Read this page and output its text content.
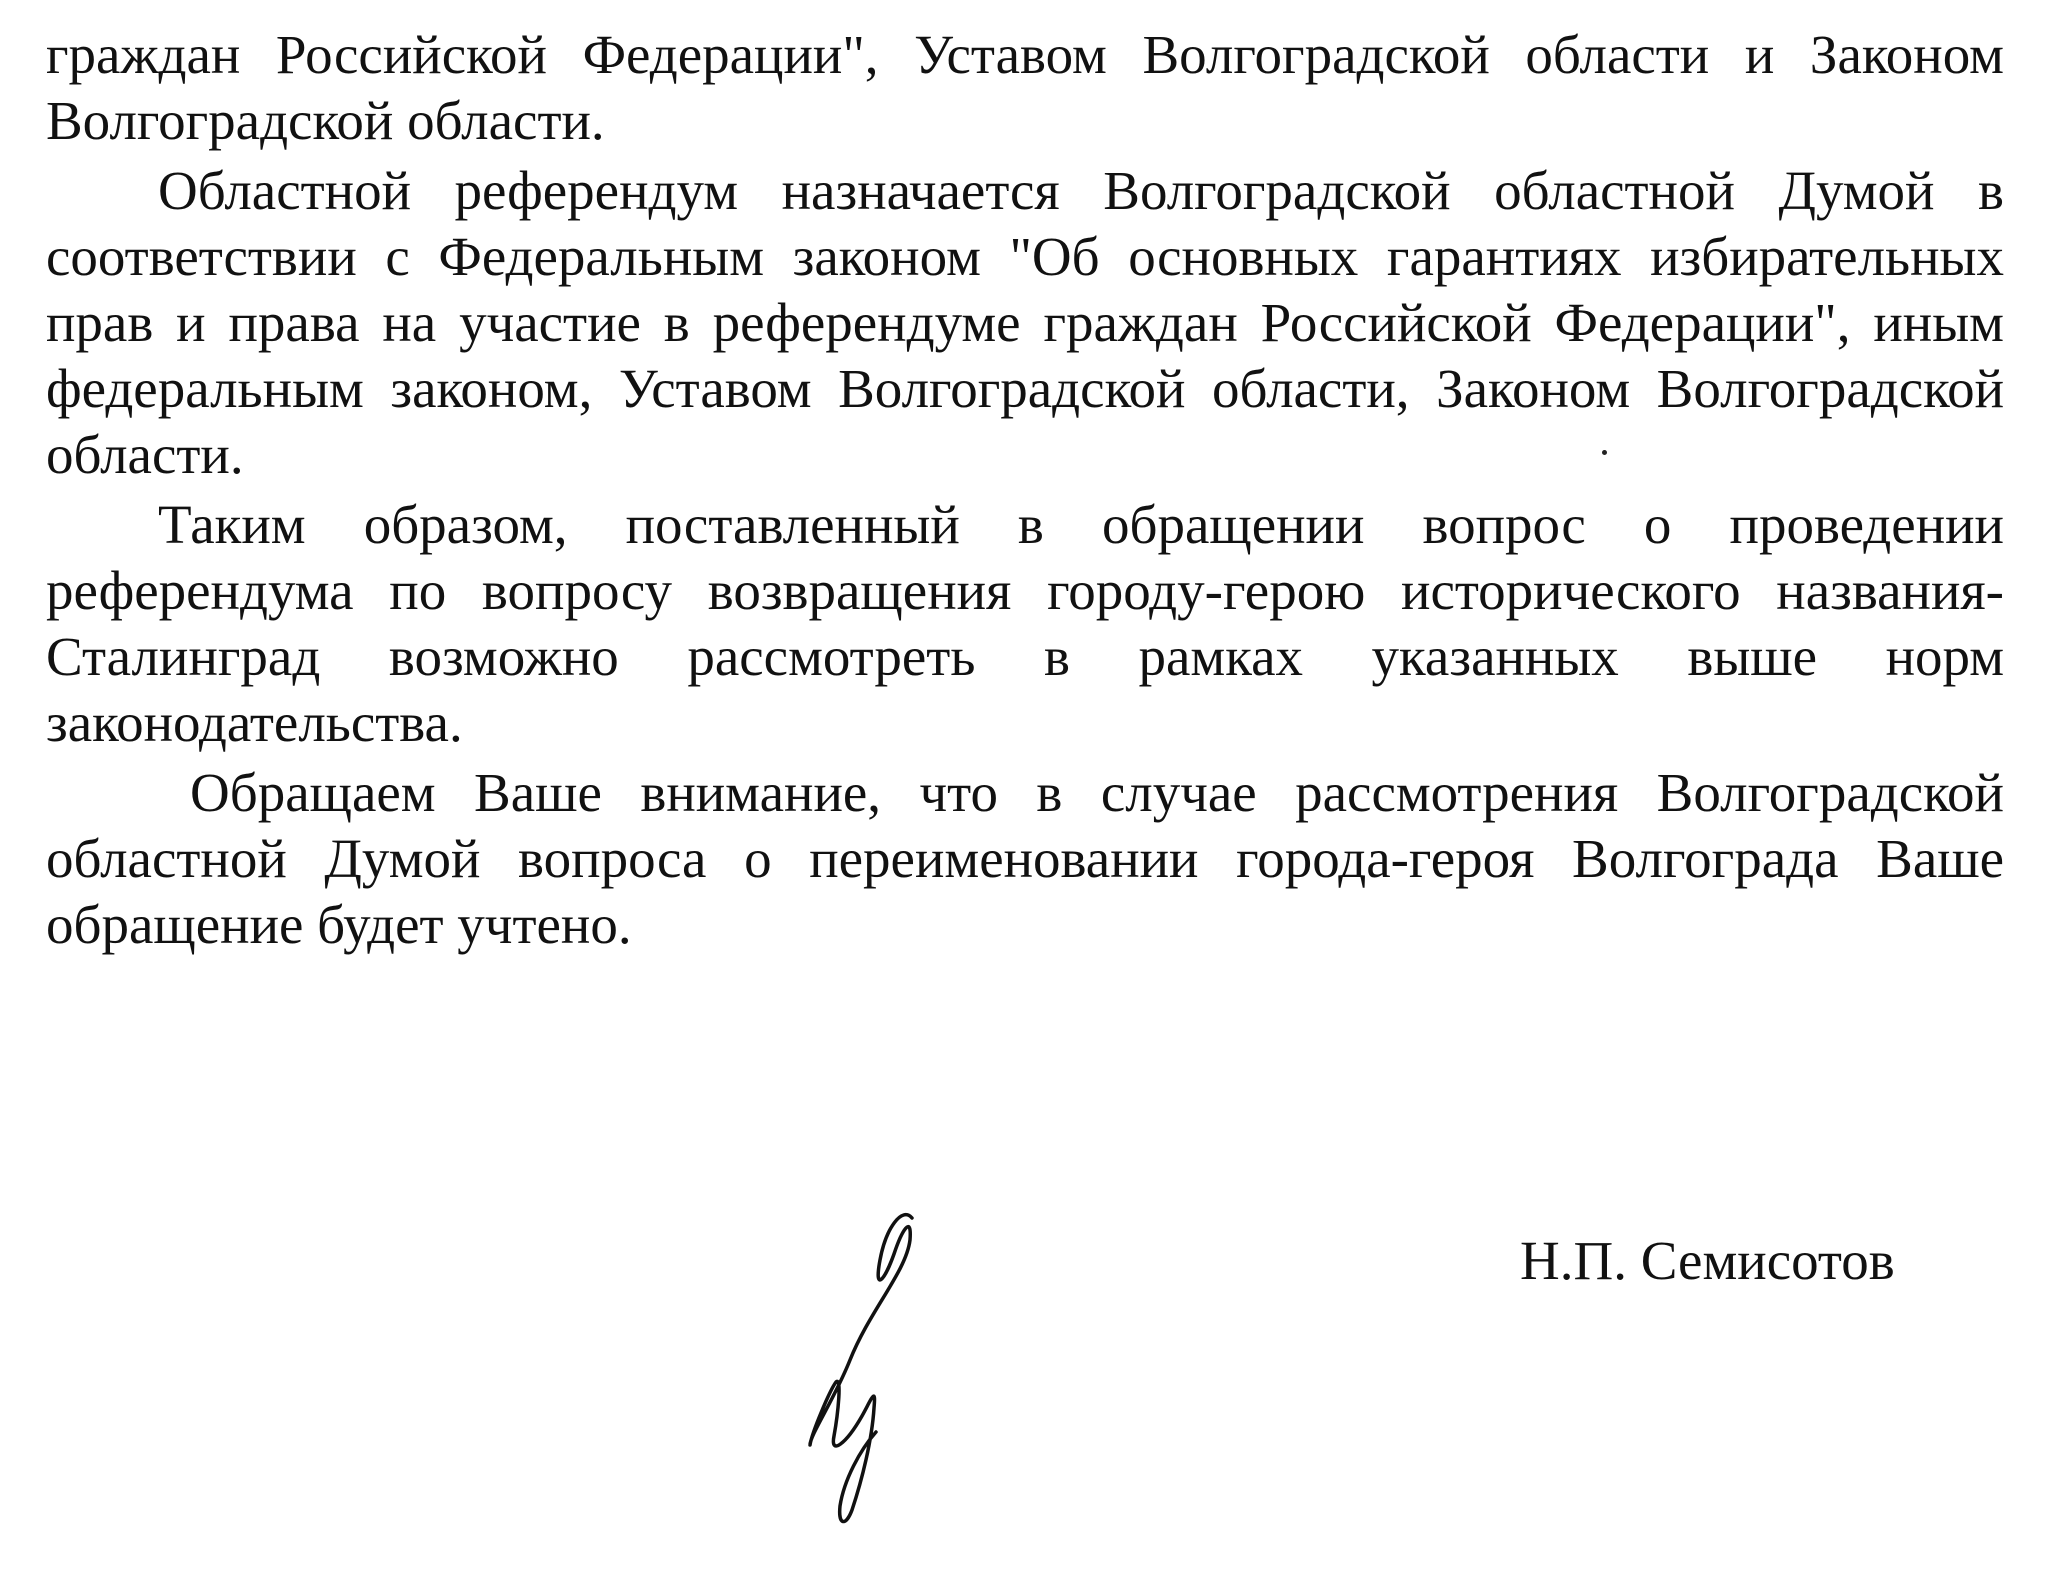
граждан Российской Федерации", Уставом Волгоградской области и Законом Волгоградской области.

Областной референдум назначается Волгоградской областной Думой в соответствии с Федеральным законом "Об основных гарантиях избирательных прав и права на участие в референдуме граждан Российской Федерации", иным федеральным законом, Уставом Волгоградской области, Законом Волгоградской области.

Таким образом, поставленный в обращении вопрос о проведении референдума по вопросу возвращения городу-герою исторического названия- Сталинград возможно рассмотреть в рамках указанных выше норм законодательства.

Обращаем Ваше внимание, что в случае рассмотрения Волгоградской областной Думой вопроса о переименовании города-героя Волгограда Ваше обращение будет учтено.

Н.П. Семисотов
